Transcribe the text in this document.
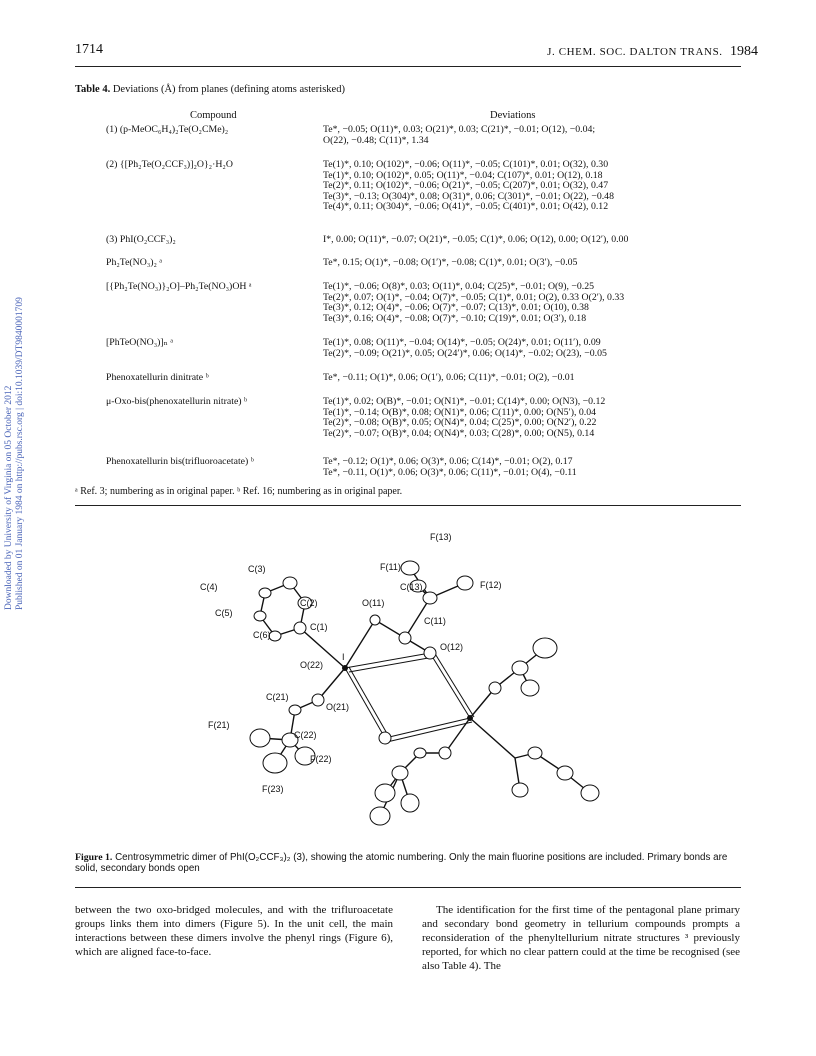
1714	J. CHEM. SOC. DALTON TRANS. 1984
Downloaded by University of Virginia on 05 October 2012 Published on 01 January 1984 on http://pubs.rsc.org | doi:10.1039/DT9840001709
Table 4. Deviations (Å) from planes (defining atoms asterisked)
Compound	Deviations
(1) (p-MeOC₆H₄)₂Te(O₂CMe)₂	Te*, −0.05; O(11)*, 0.03; O(21)*, 0.03; C(21)*, −0.01; O(12), −0.04;
O(22), −0.48; C(11)*, 1.34
(2) {[Ph₂Te(O₂CCF₃)]₂O}₂·H₂O	Te(1)*, 0.10; O(102)*, −0.06; O(11)*, −0.05; C(101)*, 0.01; O(32), 0.30
Te(1)*, 0.10; O(102)*, 0.05; O(11)*, −0.04; C(107)*, 0.01; O(12), 0.18
Te(2)*, 0.11; O(102)*, −0.06; O(21)*, −0.05; C(207)*, 0.01; O(32), 0.47
Te(3)*, −0.13; O(304)*, 0.08; O(31)*, 0.06; C(301)*, −0.01; O(22), −0.48
Te(4)*, 0.11; O(304)*, −0.06; O(41)*, −0.05; C(401)*, 0.01; O(42), 0.12
(3) PhI(O₂CCF₃)₂	I*, 0.00; O(11)*, −0.07; O(21)*, −0.05; C(1)*, 0.06; O(12), 0.00; O(12′), 0.00
Ph₂Te(NO₃)₂ ᵃ	Te*, 0.15; O(1)*, −0.08; O(1′)*, −0.08; C(1)*, 0.01; O(3′), −0.05
[{Ph₂Te(NO₃)}₂O]–Ph₂Te(NO₃)OH ᵃ	Te(1)*, −0.06; O(8)*, 0.03; O(11)*, 0.04; C(25)*, −0.01; O(9), −0.25
Te(2)*, 0.07; O(1)*, −0.04; O(7)*, −0.05; C(1)*, 0.01; O(2), 0.33 O(2′), 0.33
Te(3)*, 0.12; O(4)*, −0.06; O(7)*, −0.07; C(13)*, 0.01; O(10), 0.38
Te(3)*, 0.16; O(4)*, −0.08; O(7)*, −0.10; C(19)*, 0.01; O(3′), 0.18
[PhTeO(NO₃)]ₙ ᵃ	Te(1)*, 0.08; O(11)*, −0.04; O(14)*, −0.05; O(24)*, 0.01; O(11′), 0.09
Te(2)*, −0.09; O(21)*, 0.05; O(24′)*, 0.06; O(14)*, −0.02; O(23), −0.05
Phenoxatellurin dinitrate ᵇ	Te*, −0.11; O(1)*, 0.06; O(1′), 0.06; C(11)*, −0.01; O(2), −0.01
μ-Oxo-bis(phenoxatellurin nitrate) ᵇ	Te(1)*, 0.02; O(B)*, −0.01; O(N1)*, −0.01; C(14)*, 0.00; O(N3), −0.12
Te(1)*, −0.14; O(B)*, 0.08; O(N1)*, 0.06; C(11)*, 0.00; O(N5′), 0.04
Te(2)*, −0.08; O(B)*, 0.05; O(N4)*, 0.04; C(25)*, 0.00; O(N2′), 0.22
Te(2)*, −0.07; O(B)*, 0.04; O(N4)*, 0.03; C(28)*, 0.00; O(N5), 0.14
Phenoxatellurin bis(trifluoroacetate) ᵇ	Te*, −0.12; O(1)*, 0.06; O(3)*, 0.06; C(14)*, −0.01; O(2), 0.17
Te*, −0.11, O(1)*, 0.06; O(3)*, 0.06; C(11)*, −0.01; O(4), −0.11
ᵃ Ref. 3; numbering as in original paper. ᵇ Ref. 16; numbering as in original paper.
F(13)
F(11)
C(13)	F(12)
C(3)
C(4)
C(2)	O(11)
C(5)
C(11)
C(1)
C(6)
O(12)
I
O(22)
C(21)
O(21)
F(21)
C(22)
F(22)
F(23)
Figure 1. Centrosymmetric dimer of PhI(O₂CCF₃)₂ (3), showing the atomic numbering. Only the main fluorine positions are included. Primary bonds are solid, secondary bonds open
between the two oxo-bridged molecules, and with the trifluroacetate groups links them into dimers (Figure 5). In the unit cell, the main interactions between these dimers involve the phenyl rings (Figure 6), which are aligned face-to-face.
The identification for the first time of the pentagonal plane primary and secondary bond geometry in tellurium compounds prompts a reconsideration of the phenyltellurium nitrate structures ³ previously reported, for which no clear pattern could at the time be recognised (see also Table 4). The
